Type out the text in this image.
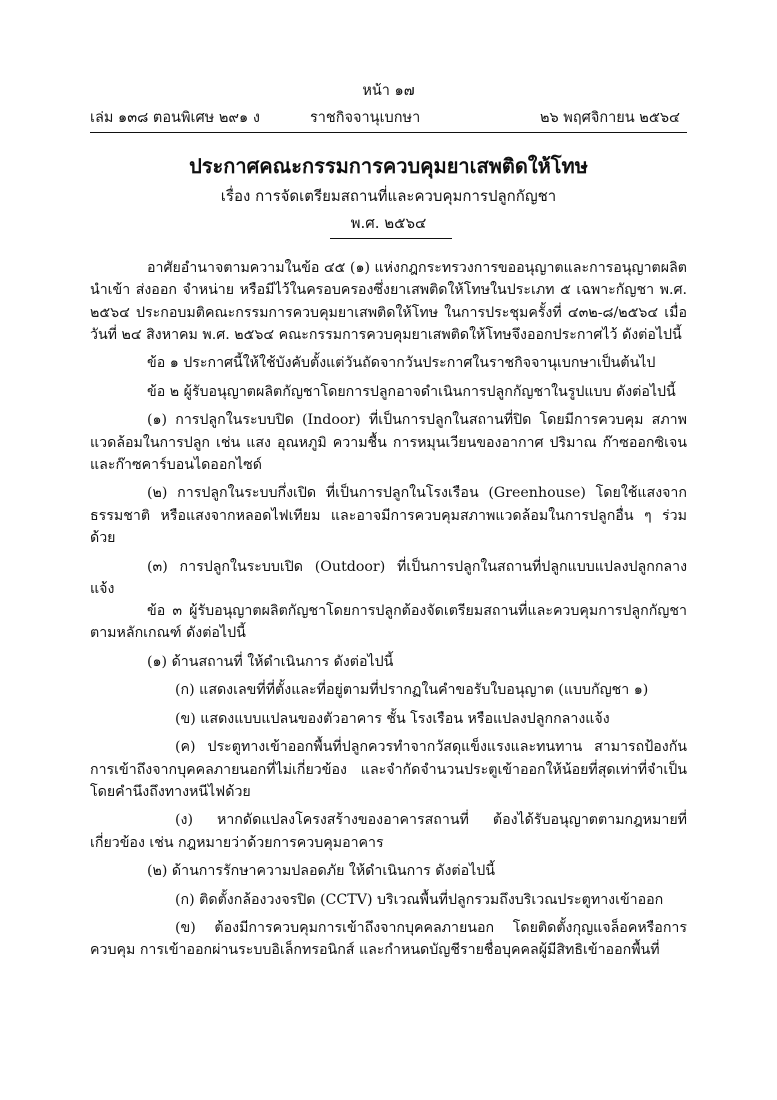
หน้า ๑๗
เล่ม ๑๓๘ ตอนพิเศษ ๒๙๑ ง	ราชกิจจานุเบกษา	๒๖ พฤศจิกายน ๒๕๖๔
ประกาศคณะกรรมการควบคุมยาเสพติดให้โทษ
เรื่อง การจัดเตรียมสถานที่และควบคุมการปลูกกัญชา
พ.ศ. ๒๕๖๔

อาศัยอำนาจตามความในข้อ ๔๕ (๑) แห่งกฎกระทรวงการขออนุญาตและการอนุญาตผลิต นำเข้า ส่งออก จำหน่าย หรือมีไว้ในครอบครองซึ่งยาเสพติดให้โทษในประเภท ๕ เฉพาะกัญชา พ.ศ. ๒๕๖๔ ประกอบมติคณะกรรมการควบคุมยาเสพติดให้โทษ ในการประชุมครั้งที่ ๔๓๒-๘/๒๕๖๔ เมื่อวันที่ ๒๔ สิงหาคม พ.ศ. ๒๕๖๔ คณะกรรมการควบคุมยาเสพติดให้โทษจึงออกประกาศไว้ ดังต่อไปนี้

ข้อ ๑ ประกาศนี้ให้ใช้บังคับตั้งแต่วันถัดจากวันประกาศในราชกิจจานุเบกษาเป็นต้นไป

ข้อ ๒ ผู้รับอนุญาตผลิตกัญชาโดยการปลูกอาจดำเนินการปลูกกัญชาในรูปแบบ ดังต่อไปนี้

(๑) การปลูกในระบบปิด (Indoor) ที่เป็นการปลูกในสถานที่ปิด โดยมีการควบคุม สภาพแวดล้อมในการปลูก เช่น แสง อุณหภูมิ ความชื้น การหมุนเวียนของอากาศ ปริมาณ ก๊าซออกซิเจน และก๊าซคาร์บอนไดออกไซด์

(๒) การปลูกในระบบกึ่งเปิด ที่เป็นการปลูกในโรงเรือน (Greenhouse) โดยใช้แสงจากธรรมชาติ หรือแสงจากหลอดไฟเทียม และอาจมีการควบคุมสภาพแวดล้อมในการปลูกอื่น ๆ ร่วมด้วย

(๓) การปลูกในระบบเปิด (Outdoor) ที่เป็นการปลูกในสถานที่ปลูกแบบแปลงปลูกกลางแจ้ง

ข้อ ๓ ผู้รับอนุญาตผลิตกัญชาโดยการปลูกต้องจัดเตรียมสถานที่และควบคุมการปลูกกัญชา ตามหลักเกณฑ์ ดังต่อไปนี้

(๑) ด้านสถานที่ ให้ดำเนินการ ดังต่อไปนี้

(ก) แสดงเลขที่ที่ตั้งและที่อยู่ตามที่ปรากฏในคำขอรับใบอนุญาต (แบบกัญชา ๑)

(ข) แสดงแบบแปลนของตัวอาคาร ชั้น โรงเรือน หรือแปลงปลูกกลางแจ้ง

(ค) ประตูทางเข้าออกพื้นที่ปลูกควรทำจากวัสดุแข็งแรงและทนทาน สามารถป้องกัน การเข้าถึงจากบุคคลภายนอกที่ไม่เกี่ยวข้อง และจำกัดจำนวนประตูเข้าออกให้น้อยที่สุดเท่าที่จำเป็น โดยคำนึงถึงทางหนีไฟด้วย

(ง) หากดัดแปลงโครงสร้างของอาคารสถานที่ ต้องได้รับอนุญาตตามกฎหมายที่เกี่ยวข้อง เช่น กฎหมายว่าด้วยการควบคุมอาคาร

(๒) ด้านการรักษาความปลอดภัย ให้ดำเนินการ ดังต่อไปนี้

(ก) ติดตั้งกล้องวงจรปิด (CCTV) บริเวณพื้นที่ปลูกรวมถึงบริเวณประตูทางเข้าออก

(ข) ต้องมีการควบคุมการเข้าถึงจากบุคคลภายนอก โดยติดตั้งกุญแจล็อคหรือการควบคุม การเข้าออกผ่านระบบอิเล็กทรอนิกส์ และกำหนดบัญชีรายชื่อบุคคลผู้มีสิทธิเข้าออกพื้นที่
